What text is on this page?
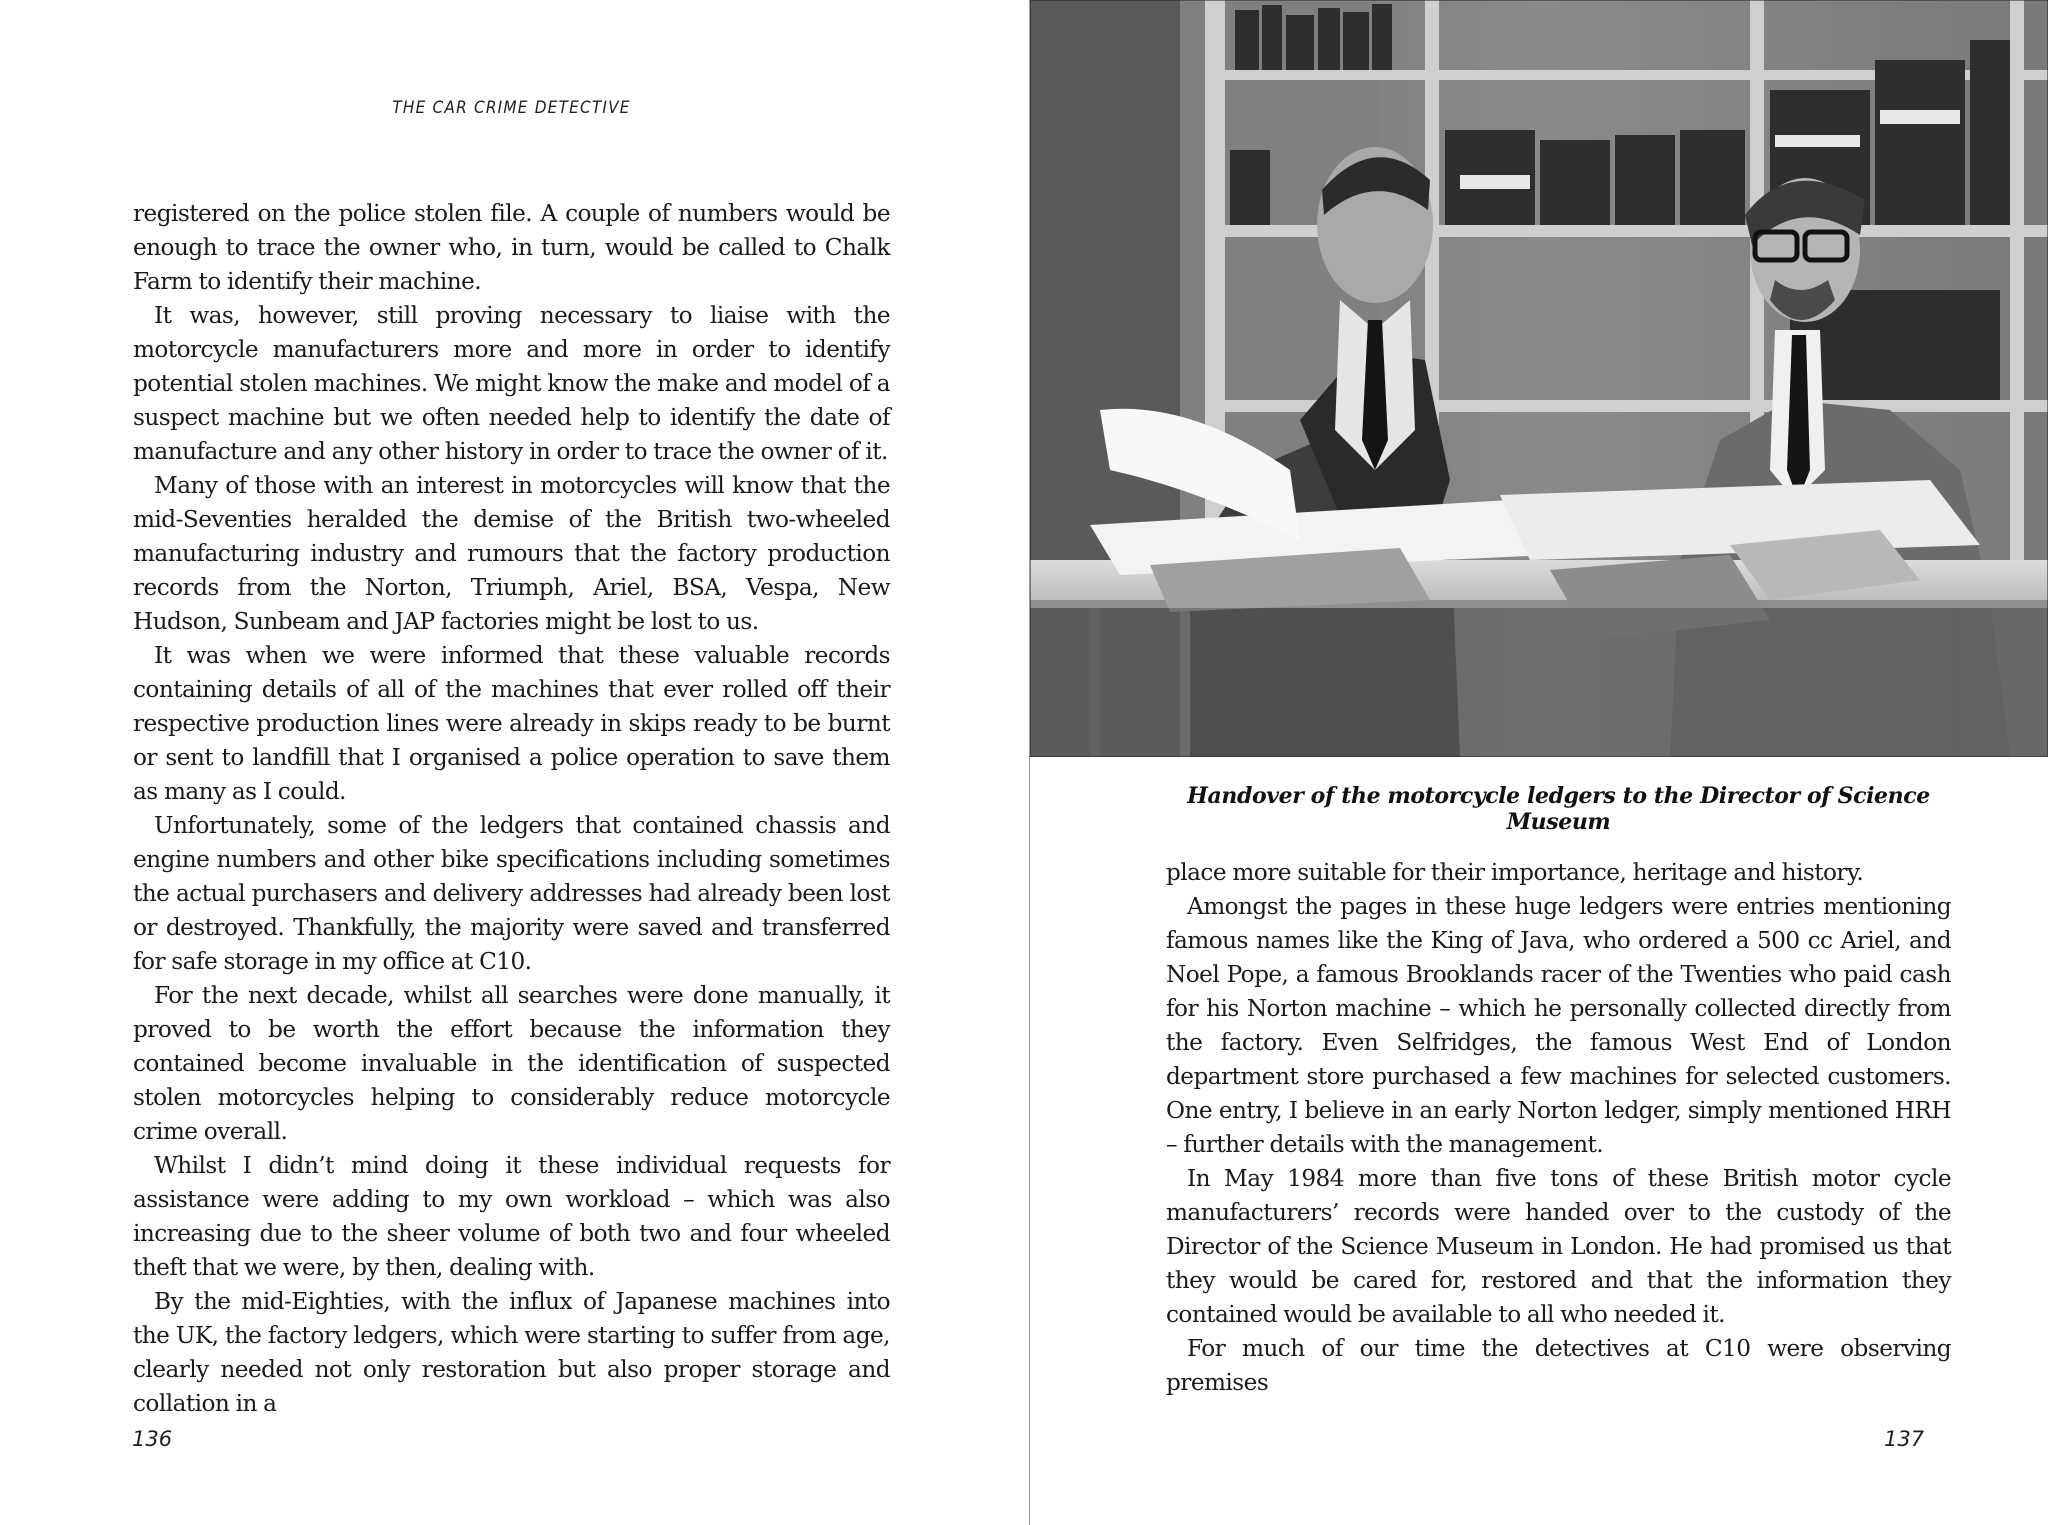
THE CAR CRIME DETECTIVE

registered on the police stolen file. A couple of numbers would be enough to trace the owner who, in turn, would be called to Chalk Farm to identify their machine.

It was, however, still proving necessary to liaise with the motorcycle manufacturers more and more in order to identify potential stolen machines. We might know the make and model of a suspect machine but we often needed help to identify the date of manufacture and any other history in order to trace the owner of it.

Many of those with an interest in motorcycles will know that the mid-Seventies heralded the demise of the British two-wheeled manufacturing industry and rumours that the factory production records from the Norton, Triumph, Ariel, BSA, Vespa, New Hudson, Sunbeam and JAP factories might be lost to us.

It was when we were informed that these valuable records containing details of all of the machines that ever rolled off their respective production lines were already in skips ready to be burnt or sent to landfill that I organised a police operation to save them as many as I could.

Unfortunately, some of the ledgers that contained chassis and engine numbers and other bike specifications including sometimes the actual purchasers and delivery addresses had already been lost or destroyed. Thankfully, the majority were saved and transferred for safe storage in my office at C10.

For the next decade, whilst all searches were done manually, it proved to be worth the effort because the information they contained become invaluable in the identification of suspected stolen motorcycles helping to considerably reduce motorcycle crime overall.

Whilst I didn’t mind doing it these individual requests for assistance were adding to my own workload – which was also increasing due to the sheer volume of both two and four wheeled theft that we were, by then, dealing with.

By the mid-Eighties, with the influx of Japanese machines into the UK, the factory ledgers, which were starting to suffer from age, clearly needed not only restoration but also proper storage and collation in a

136
Handover of the motorcycle ledgers to the Director of Science Museum

place more suitable for their importance, heritage and history.

Amongst the pages in these huge ledgers were entries mentioning famous names like the King of Java, who ordered a 500 cc Ariel, and Noel Pope, a famous Brooklands racer of the Twenties who paid cash for his Norton machine – which he personally collected directly from the factory. Even Selfridges, the famous West End of London department store purchased a few machines for selected customers. One entry, I believe in an early Norton ledger, simply mentioned HRH – further details with the management.

In May 1984 more than five tons of these British motor cycle manufacturers’ records were handed over to the custody of the Director of the Science Museum in London. He had promised us that they would be cared for, restored and that the information they contained would be available to all who needed it.

For much of our time the detectives at C10 were observing premises

137
